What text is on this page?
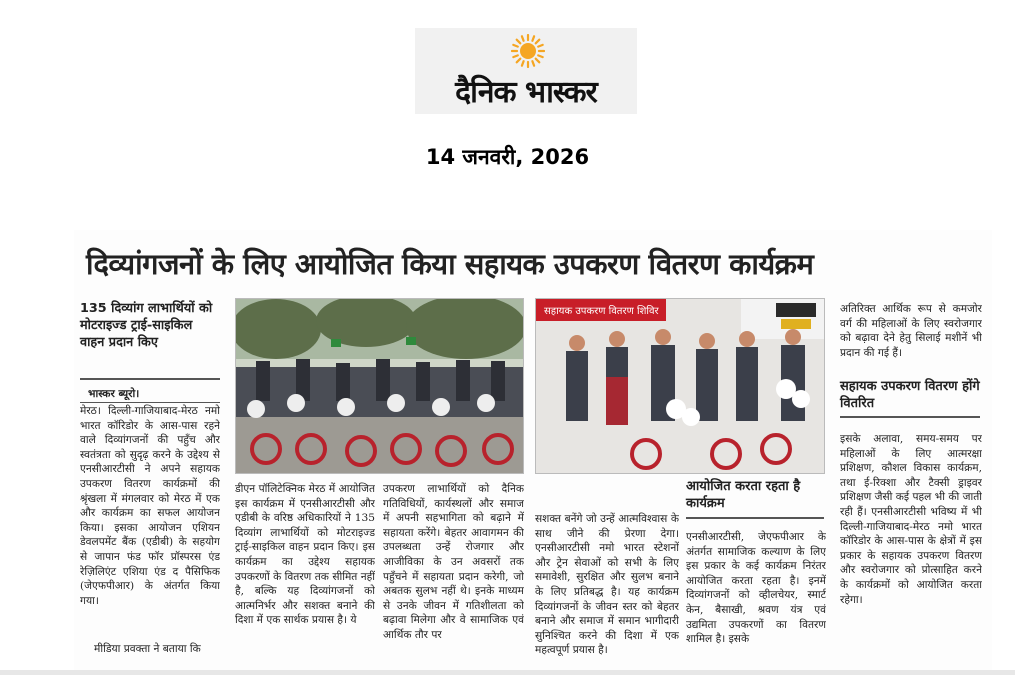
दैनिक भास्कर
14 जनवरी, 2026
दिव्यांगजनों के लिए आयोजित किया सहायक उपकरण वितरण कार्यक्रम
135 दिव्यांग लाभार्थियों को मोटराइज्ड ट्राई-साइकिल वाहन प्रदान किए
भास्कर ब्यूरो।
मेरठ। दिल्ली-गाजियाबाद-मेरठ नमो भारत कॉरिडोर के आस-पास रहने वाले दिव्यांगजनों की पहुँच और स्वतंत्रता को सुदृढ़ करने के उद्देश्य से एनसीआरटीसी ने अपने सहायक उपकरण वितरण कार्यक्रमों की श्रृंखला में मंगलवार को मेरठ में एक और कार्यक्रम का सफल आयोजन किया। इसका आयोजन एशियन डेवलपमेंट बैंक (एडीबी) के सहयोग से जापान फंड फॉर प्रॉस्परस एंड रेज़िलिएंट एशिया एंड द पैसिफिक (जेएफपीआर) के अंतर्गत किया गया।
मीडिया प्रवक्ता ने बताया कि
सहायक उपकरण वितरण शिविर
डीएन पॉलिटेक्निक मेरठ में आयोजित इस कार्यक्रम में एनसीआरटीसी और एडीबी के वरिष्ठ अधिकारियों ने 135 दिव्यांग लाभार्थियों को मोटराइज्ड ट्राई-साइकिल वाहन प्रदान किए। इस कार्यक्रम का उद्देश्य सहायक उपकरणों के वितरण तक सीमित नहीं है, बल्कि यह दिव्यांगजनों को आत्मनिर्भर और सशक्त बनाने की दिशा में एक सार्थक प्रयास है। ये
उपकरण लाभार्थियों को दैनिक गतिविधियों, कार्यस्थलों और समाज में अपनी सहभागिता को बढ़ाने में सहायता करेंगे। बेहतर आवागमन की उपलब्धता उन्हें रोजगार और आजीविका के उन अवसरों तक पहुँचने में सहायता प्रदान करेगी, जो अबतक सुलभ नहीं थे। इनके माध्यम से उनके जीवन में गतिशीलता को बढ़ावा मिलेगा और वे सामाजिक एवं आर्थिक तौर पर
सशक्त बनेंगे जो उन्हें आत्मविश्वास के साथ जीने की प्रेरणा देगा। एनसीआरटीसी नमो भारत स्टेशनों और ट्रेन सेवाओं को सभी के लिए समावेशी, सुरक्षित और सुलभ बनाने के लिए प्रतिबद्ध है। यह कार्यक्रम दिव्यांगजनों के जीवन स्तर को बेहतर बनाने और समाज में समान भागीदारी सुनिश्चित करने की दिशा में एक महत्वपूर्ण प्रयास है।
आयोजित करता रहता है कार्यक्रम
एनसीआरटीसी, जेएफपीआर के अंतर्गत सामाजिक कल्याण के लिए इस प्रकार के कई कार्यक्रम निरंतर आयोजित करता रहता है। इनमें दिव्यांगजनों को व्हीलचेयर, स्मार्ट केन, बैसाखी, श्रवण यंत्र एवं उद्यमिता उपकरणों का वितरण शामिल है। इसके
अतिरिक्त आर्थिक रूप से कमजोर वर्ग की महिलाओं के लिए स्वरोजगार को बढ़ावा देने हेतु सिलाई मशीनें भी प्रदान की गई हैं।
सहायक उपकरण वितरण होंगे वितरित
इसके अलावा, समय-समय पर महिलाओं के लिए आत्मरक्षा प्रशिक्षण, कौशल विकास कार्यक्रम, तथा ई-रिक्शा और टैक्सी ड्राइवर प्रशिक्षण जैसी कई पहल भी की जाती रही हैं। एनसीआरटीसी भविष्य में भी दिल्ली-गाजियाबाद-मेरठ नमो भारत कॉरिडोर के आस-पास के क्षेत्रों में इस प्रकार के सहायक उपकरण वितरण और स्वरोजगार को प्रोत्साहित करने के कार्यक्रमों को आयोजित करता रहेगा।
